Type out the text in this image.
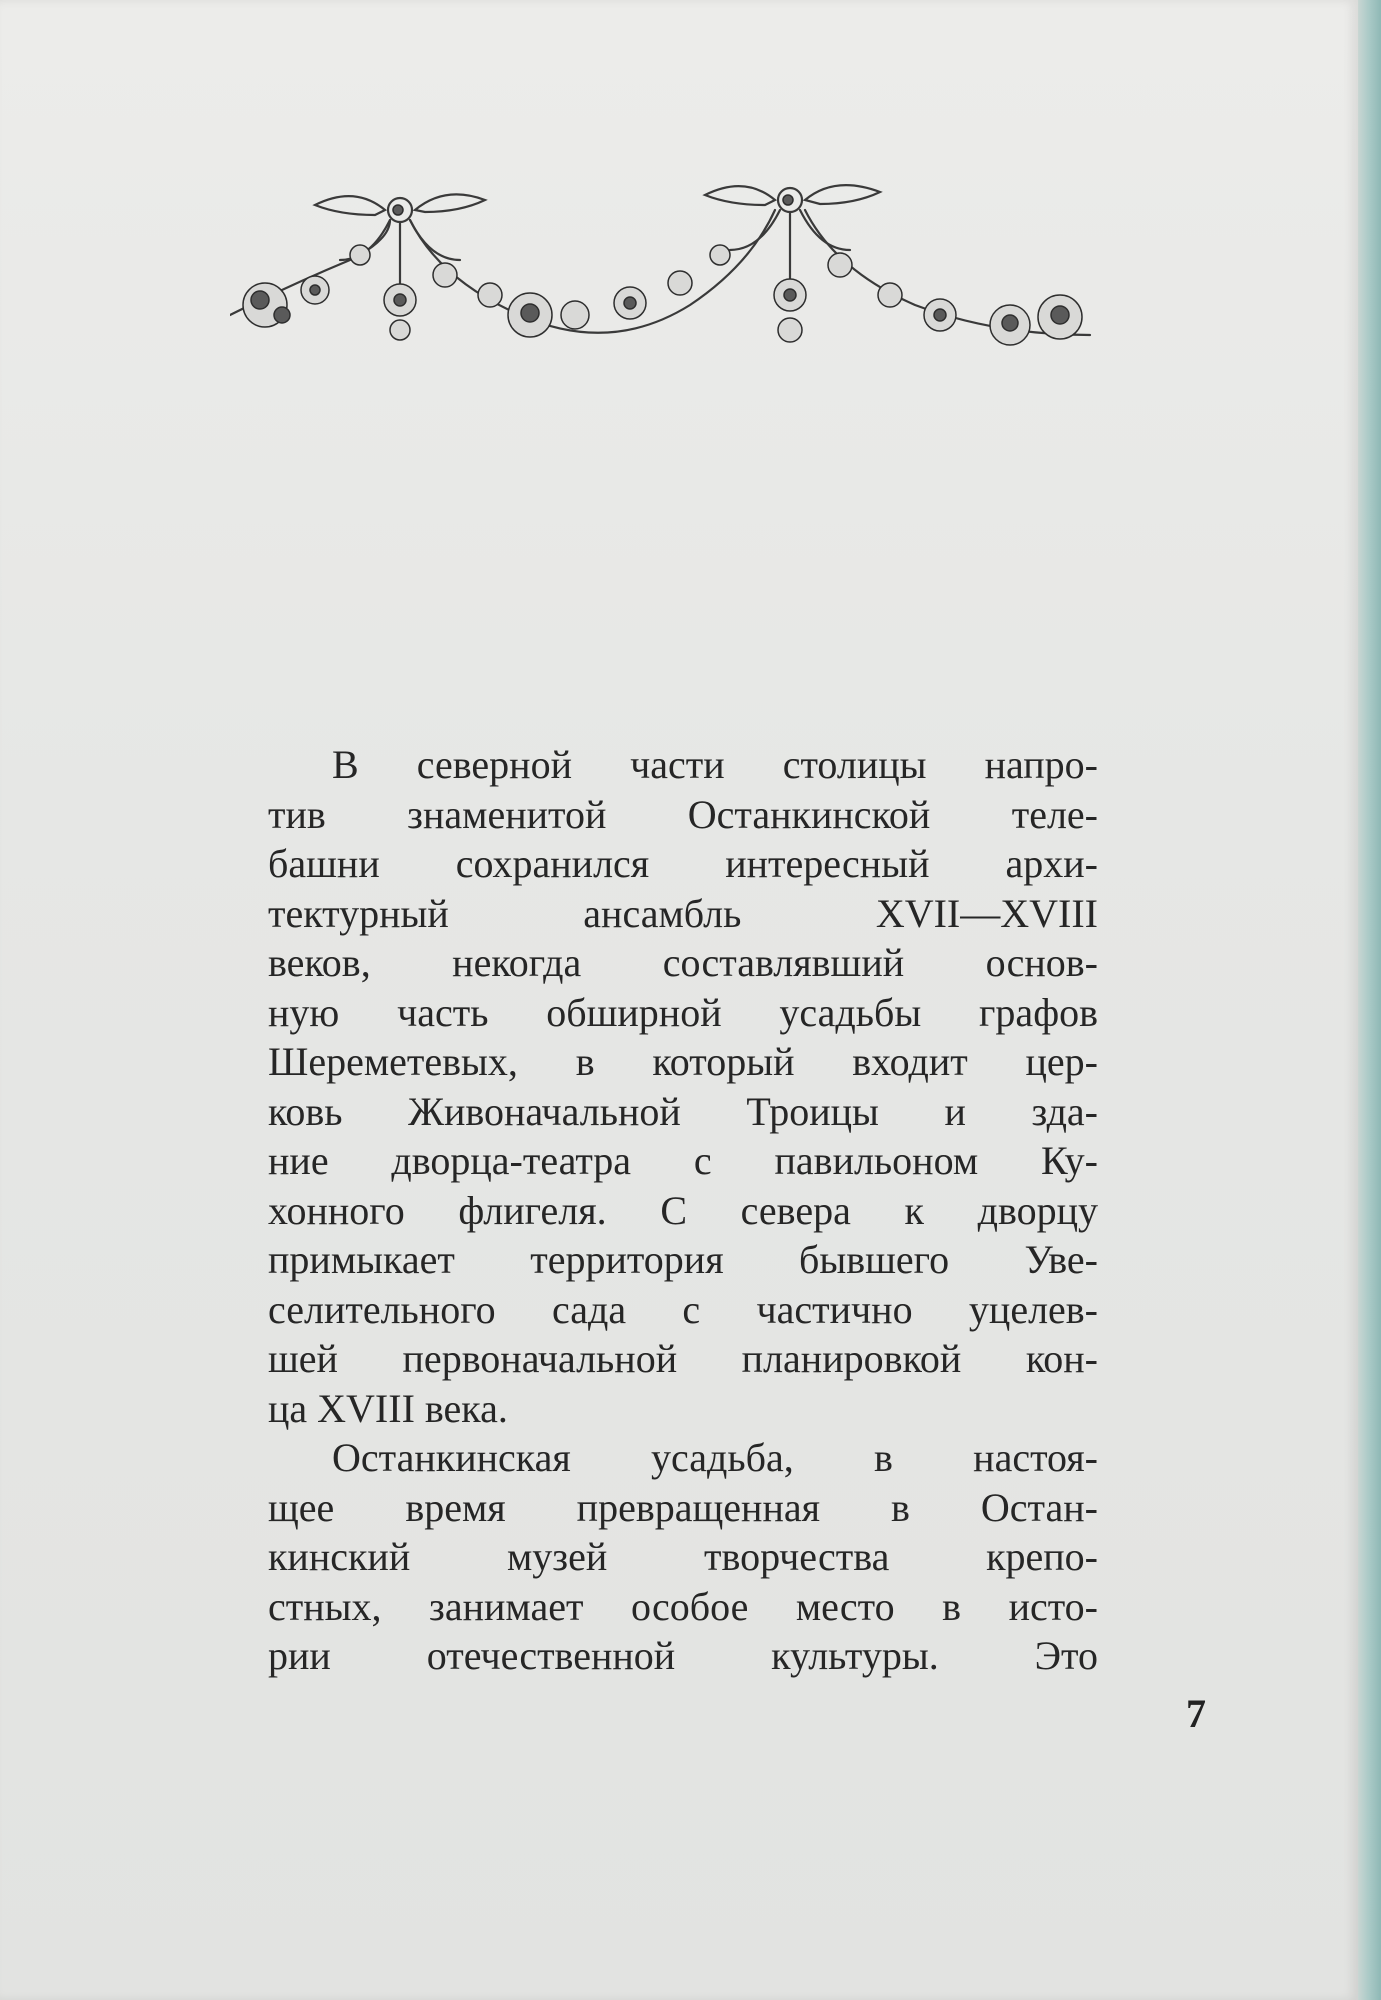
В северной части столицы напро-
тив знаменитой Останкинской теле-
башни сохранился интересный архи-
тектурный ансамбль XVII—XVIII
веков, некогда составлявший основ-
ную часть обширной усадьбы графов
Шереметевых, в который входит цер-
ковь Живоначальной Троицы и зда-
ние дворца-театра с павильоном Ку-
хонного флигеля. С севера к дворцу
примыкает территория бывшего Уве-
селительного сада с частично уцелев-
шей первоначальной планировкой кон-
ца XVIII века.
Останкинская усадьба, в настоя-
щее время превращенная в Остан-
кинский музей творчества крепо-
стных, занимает особое место в исто-
рии отечественной культуры. Это
7
